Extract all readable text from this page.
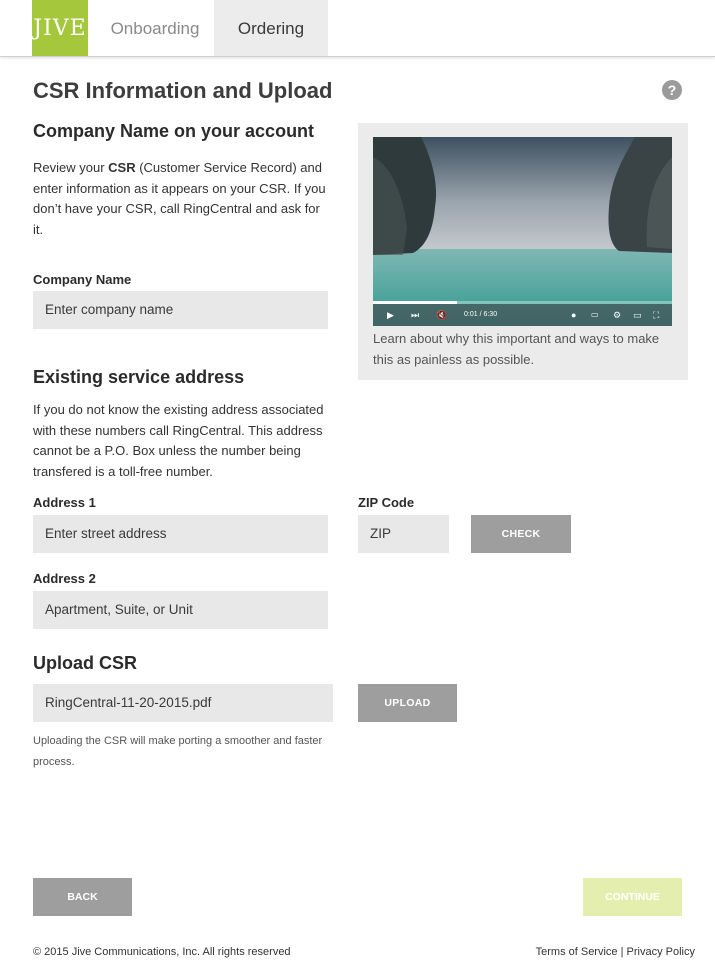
JIVE	Onboarding	Ordering
CSR Information and Upload	?
Company Name on your account

Review your CSR (Customer Service Record) and enter information as it appears on your CSR. If you don’t have your CSR, call RingCentral and ask for it.

Company Name
Enter company name	▶ ⏭ 🔇 0:01 / 6:30	● ▭ ⚙ ▭ ⛶

Learn about why this important and ways to make this as painless as possible.

Existing service address

If you do not know the existing address associated with these numbers call RingCentral. This address cannot be a P.O. Box unless the number being transfered is a toll-free number.

Address 1
Enter street address
ZIP Code
ZIP	CHECK
Address 2
Apartment, Suite, or Unit
Upload CSR
RingCentral-11-20-2015.pdf	UPLOAD

Uploading the CSR will make porting a smoother and faster process.

BACK	CONTINUE
© 2015 Jive Communications, Inc. All rights reserved	Terms of Service | Privacy Policy
